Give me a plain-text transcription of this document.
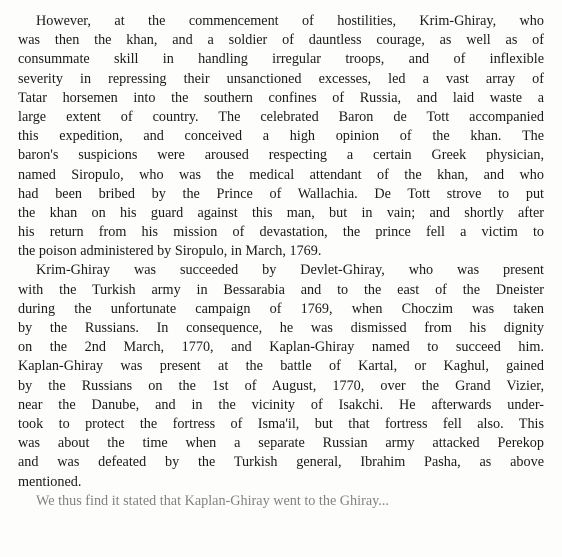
However, at the commencement of hostilities, Krim-Ghiray, who
was then the khan, and a soldier of dauntless courage, as well as of
consummate skill in handling irregular troops, and of inflexible
severity in repressing their unsanctioned excesses, led a vast array of
Tatar horsemen into the southern confines of Russia, and laid waste a
large extent of country. The celebrated Baron de Tott accompanied
this expedition, and conceived a high opinion of the khan. The
baron's suspicions were aroused respecting a certain Greek physician,
named Siropulo, who was the medical attendant of the khan, and who
had been bribed by the Prince of Wallachia. De Tott strove to put
the khan on his guard against this man, but in vain; and shortly after
his return from his mission of devastation, the prince fell a victim to
the poison administered by Siropulo, in March, 1769.
Krim-Ghiray was succeeded by Devlet-Ghiray, who was present
with the Turkish army in Bessarabia and to the east of the Dneister
during the unfortunate campaign of 1769, when Choczim was taken
by the Russians. In consequence, he was dismissed from his dignity
on the 2nd March, 1770, and Kaplan-Ghiray named to succeed him.
Kaplan-Ghiray was present at the battle of Kartal, or Kaghul, gained
by the Russians on the 1st of August, 1770, over the Grand Vizier,
near the Danube, and in the vicinity of Isakchi. He afterwards under-
took to protect the fortress of Isma'il, but that fortress fell also. This
was about the time when a separate Russian army attacked Perekop
and was defeated by the Turkish general, Ibrahim Pasha, as above
mentioned.
We thus find it stated that Kaplan-Ghiray went to the Ghiray...
